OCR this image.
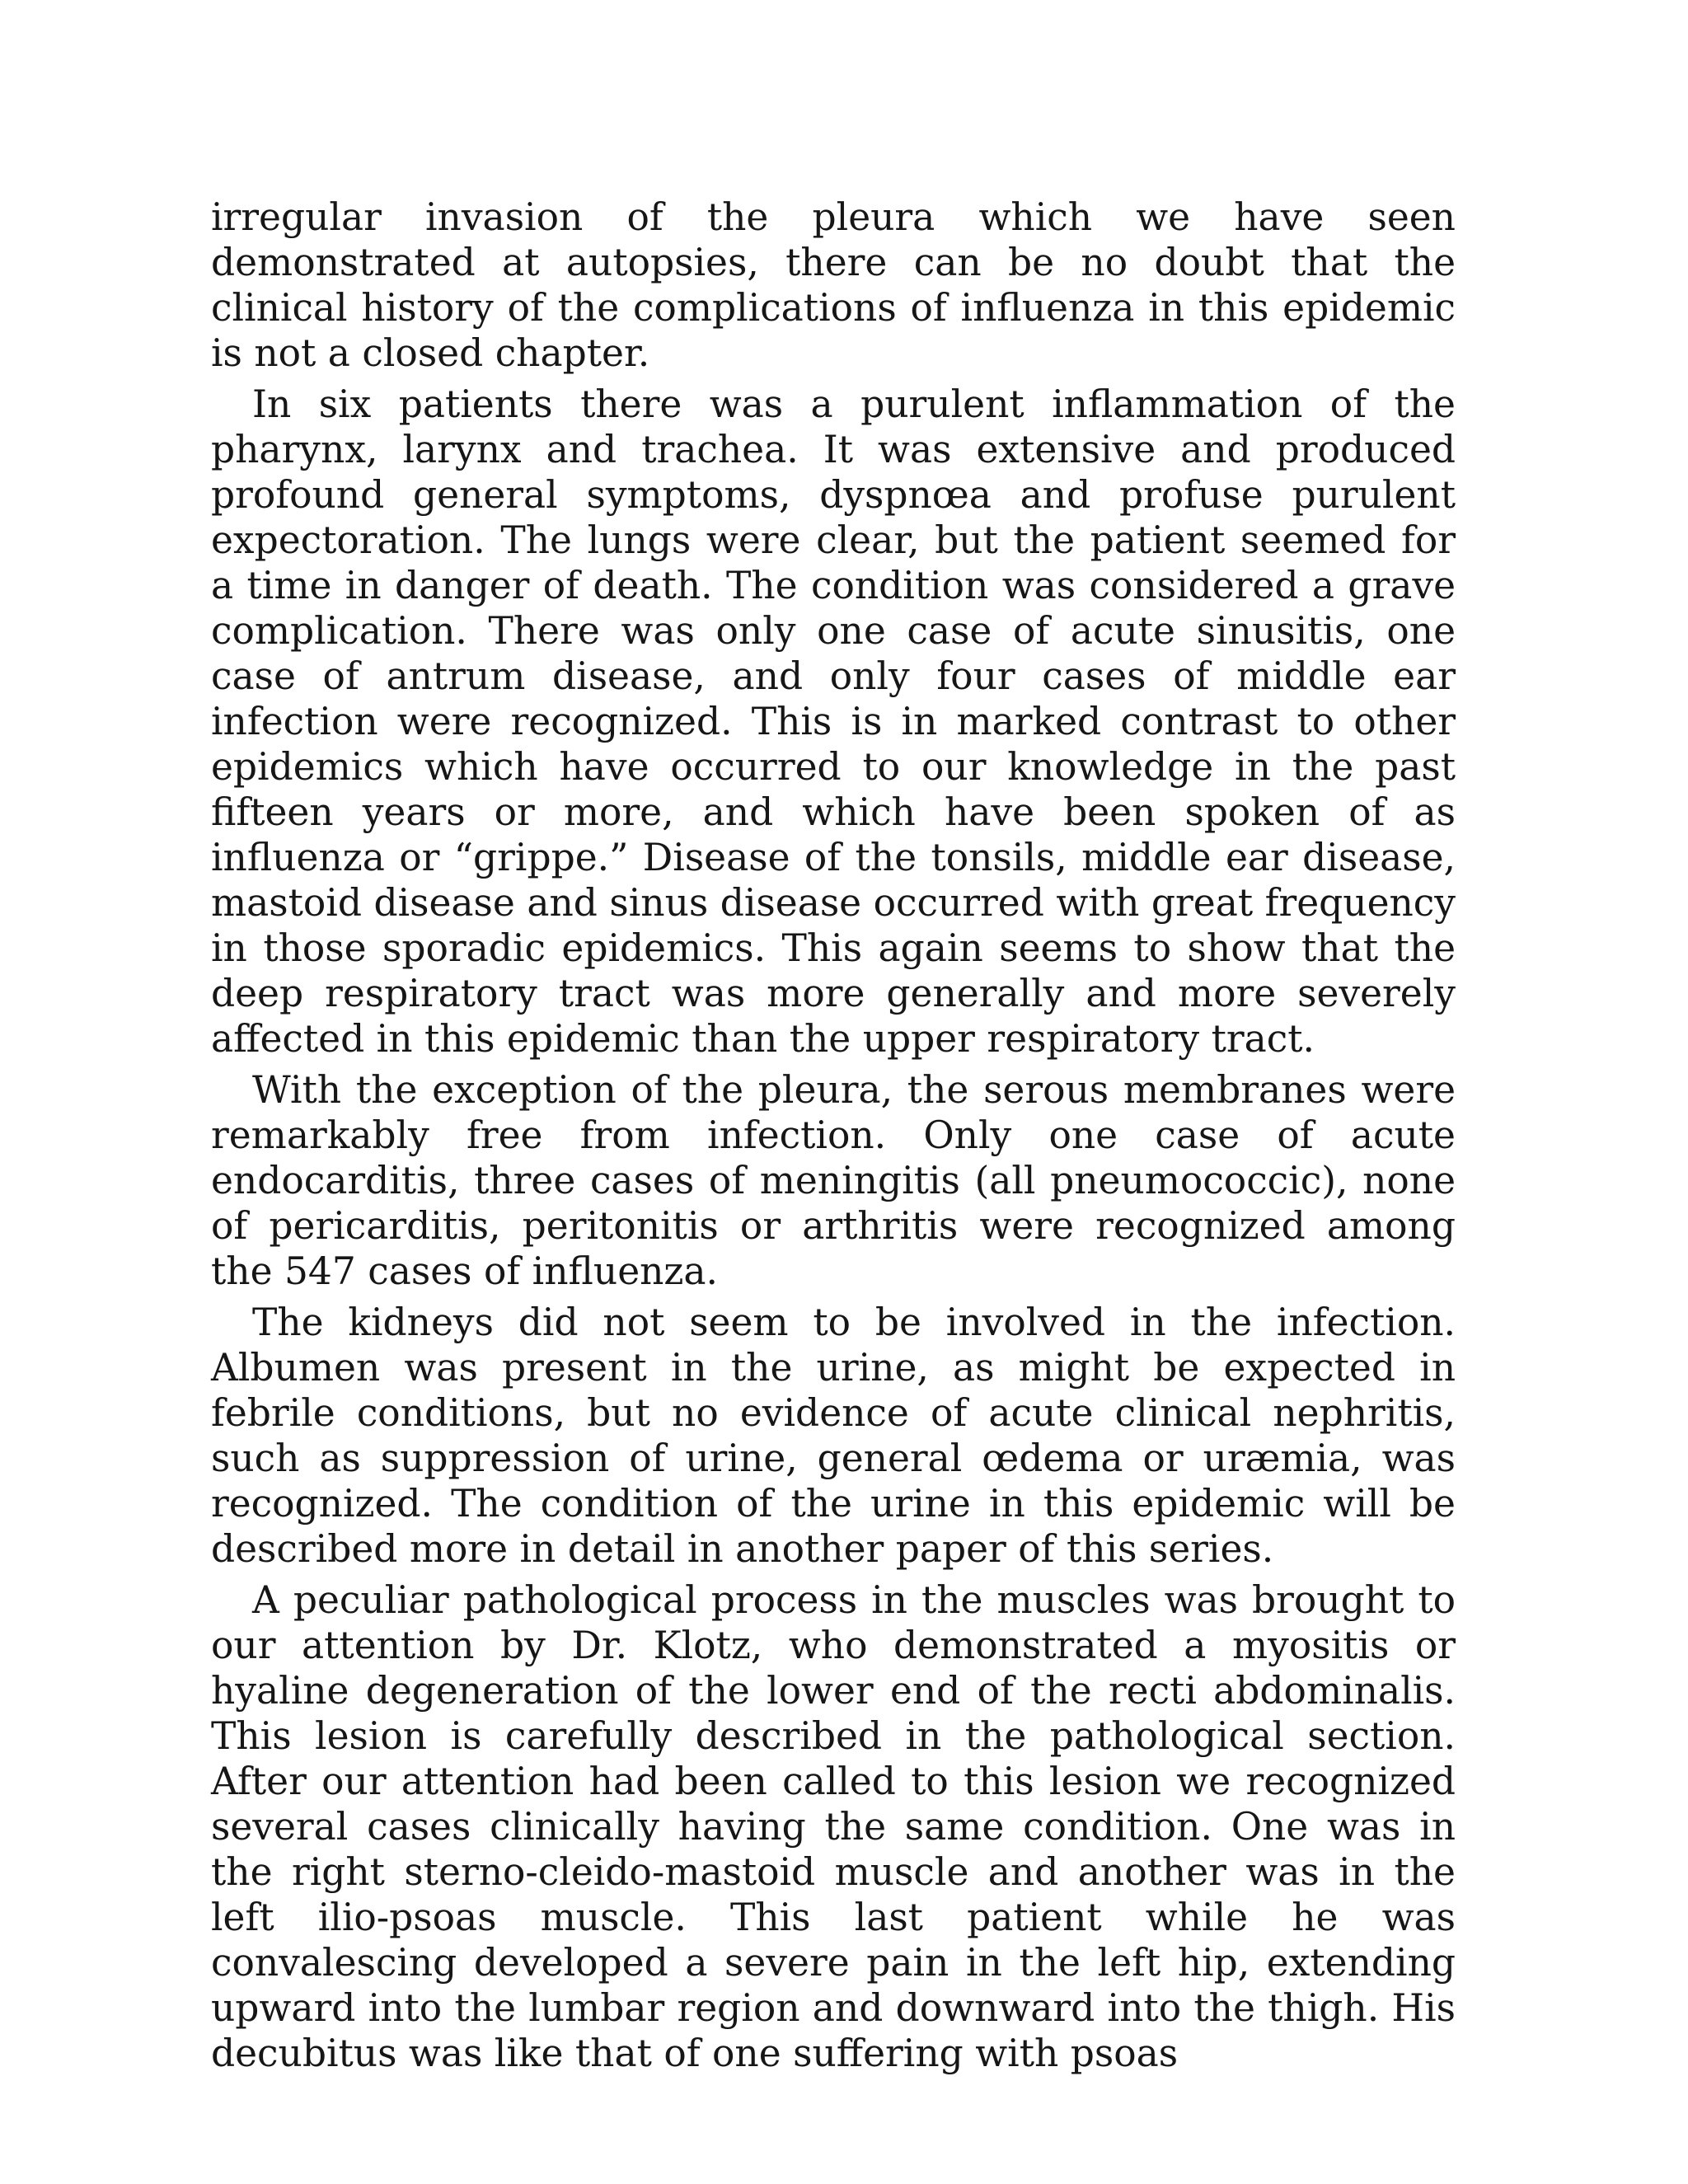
irregular invasion of the pleura which we have seen demonstrated at autopsies, there can be no doubt that the clinical history of the complications of influenza in this epidemic is not a closed chapter.

In six patients there was a purulent inflammation of the pharynx, larynx and trachea. It was extensive and produced profound general symptoms, dyspnœa and profuse purulent expectoration. The lungs were clear, but the patient seemed for a time in danger of death. The condition was considered a grave complication. There was only one case of acute sinusitis, one case of antrum disease, and only four cases of middle ear infection were recognized. This is in marked contrast to other epidemics which have occurred to our knowledge in the past fifteen years or more, and which have been spoken of as influenza or “grippe.” Disease of the tonsils, middle ear disease, mastoid disease and sinus disease occurred with great frequency in those sporadic epidemics. This again seems to show that the deep respiratory tract was more generally and more severely affected in this epidemic than the upper respiratory tract.

With the exception of the pleura, the serous membranes were remarkably free from infection. Only one case of acute endocarditis, three cases of meningitis (all pneumococcic), none of pericarditis, peritonitis or arthritis were recognized among the 547 cases of influenza.

The kidneys did not seem to be involved in the infection. Albumen was present in the urine, as might be expected in febrile conditions, but no evidence of acute clinical nephritis, such as suppression of urine, general œdema or uræmia, was recognized. The condition of the urine in this epidemic will be described more in detail in another paper of this series.

A peculiar pathological process in the muscles was brought to our attention by Dr. Klotz, who demonstrated a myositis or hyaline degeneration of the lower end of the recti abdominalis. This lesion is carefully described in the pathological section. After our attention had been called to this lesion we recognized several cases clinically having the same condition. One was in the right sterno-cleido-mastoid muscle and another was in the left ilio-psoas muscle. This last patient while he was convalescing developed a severe pain in the left hip, extending upward into the lumbar region and downward into the thigh. His decubitus was like that of one suffering with psoas
